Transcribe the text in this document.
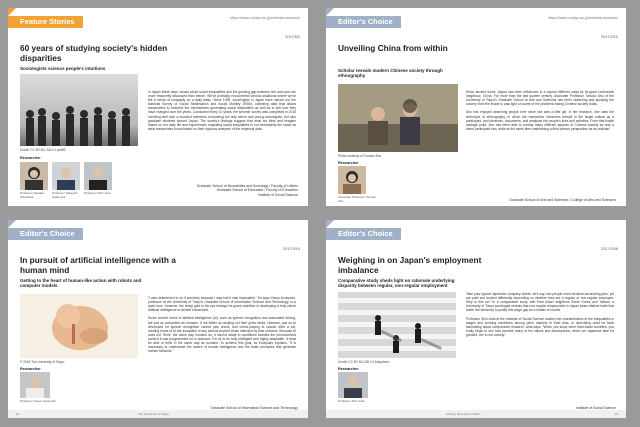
Feature Stories	https://www.u-tokyo.ac.jp/en/todai-research/
2017/6/2
60 years of studying society's hidden disparities
Sociologists science people's intuitions
Credit: CC BY-NC-SA 2.0 pcd89
Researcher
Professor Sawako Shirahase
Professor Takayuki Hatamura
Professor Shin Arita
In Japan these days, issues about social inequalities and the growing gap between rich and poor are more frequently discussed than before. We've probably encountered various situations where we've felt a sense of inequality on a daily basis. Since 1955, sociologists in Japan have carried out the National Survey of Social Stratification and Social Mobility (SSM), collecting data that allows researchers to examine the mechanisms generating social inequalities as well as to see how they have changed over the years. Conducted every 10 years, the seventh survey was completed in 2015 involving well over a hundred members comprising not only senior and young sociologists, but also graduate students around Japan. The survey's findings suggest that what we think and imagine based on our daily life and experiences regarding social inequalities is not necessarily the same as what researchers found based on their rigorous analyses of the empirical data.
Graduate School of Humanities and Sociology / Faculty of Letters
Graduate School of Education / Faculty of Education
Institute of Social Science
Editor's Choice	https://www.u-tokyo.ac.jp/en/todai-research/
2017/3/10
Unveiling China from within
Scholar reveals modern Chinese society through ethnography
Photo courtesy of Tomoko Aho
Researcher
Associate Professor Tomoko Aho
Since ancient times, Japan has been influenced in a myriad different ways by its giant continental neighbour, China. For more than the last quarter century, Associate Professor Tomoko Aho of the University of Tokyo's Graduate School of Arts and Sciences has been observing and studying the country from the inside to cast light on some of the problems facing Chinese society today.

Aho has enjoyed observing people ever since she was a little girl. In her research, she uses the technique of ethnography, in which the researcher immerses herself in the target culture as a participant, and observes, documents, and analyses the people's lives and activities. From that inside vantage point, Aho has been able to portray many different aspects of Chinese society as only a direct participant can, while at the same time maintaining a third-person perspective as an outsider.
Graduate School of Arts and Sciences / College of Arts and Sciences
Editor's Choice
2017/3/14
In pursuit of artificial intelligence with a human mind
Getting to the heart of human-like action with robots and computer models
© 2018 The University of Tokyo.
Researcher
Professor Yasuo Kuniyoshi
"I was determined to do it precisely because I was told it was impossible." So says Yasuo Kuniyoshi, professor at the University of Tokyo's Graduate School of Information Science and Technology, in a quiet tone. However, the sharp glint in his eye betrays his grand ambition of developing a truly clever artificial intelligence to benefit humankind.

Some current forms of artificial intelligence (AI), such as speech recognition and automated driving, are just as competent as humans. If not better at carrying out their given tasks. However, just as AI developed for speech recognition cannot play chess, and chess-playing AI cannot drive a car, existing forms of AI are incapable of any actions beyond those intended by their creators. Because AI does not "think" the same way humans do, it cannot adapt to conditions besides the preconceived context it was programmed for in advance. For AI to be truly intelligent and highly adaptable, it must be able to think in the same way as humans. To achieve this goal, as Kuniyoshi explains, "it is necessary to understand the nature of human intelligence and the basic principles that generate human behavior."
Graduate School of Information Science and Technology
14	The University of Tokyo
Editor's Choice
2017/10/6
Weighing in on Japan's employment imbalance
Comparative study sheds light on rationale underlying disparity between regular, non-regular employment
Credit: CC BY-NC-ND 2.0 tokyoform
Researcher
Professor Shin Arita
Take your typical Japanese company where, let's say, two people work identical accounting jobs, yet are paid and treated differently depending on whether they are a regular or non-regular employee. Why is this so? In a comparative study with East Asian neighbors South Korea and Taiwan, a University of Tokyo sociologist reveals that non-regular employment in Japan bears distinct traits that foster the tendency to justify this wage gap as a matter of course.

Professor Shin Arita at the Institute of Social Science studies the characteristics of the inequalities in wages and working conditions among labor markets in East Asia. In describing what he finds fascinating about comparative research, Arita says, "When you study other East Asian societies, you really begin to see how peculiar many of the values and assumptions, which we Japanese take for granted, are to our society."
Institute of Social Science
UTokyo Research in 2017	15
